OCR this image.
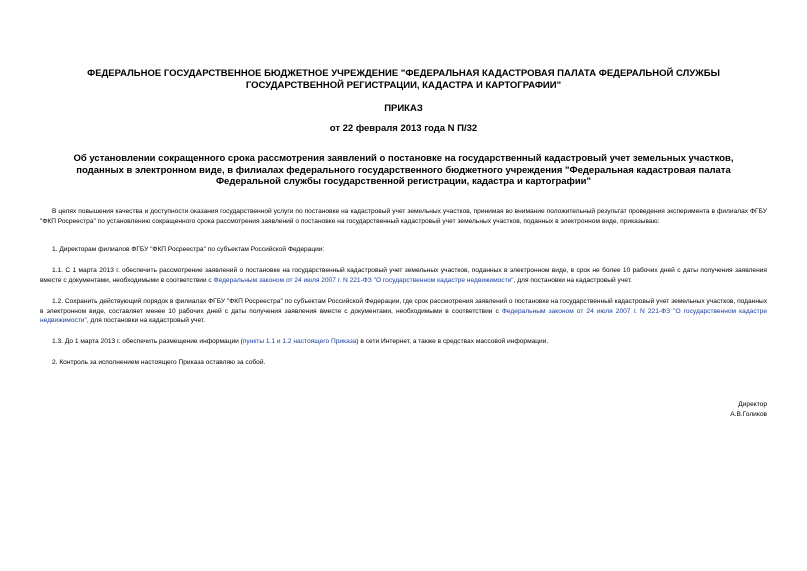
ФЕДЕРАЛЬНОЕ ГОСУДАРСТВЕННОЕ БЮДЖЕТНОЕ УЧРЕЖДЕНИЕ "ФЕДЕРАЛЬНАЯ КАДАСТРОВАЯ ПАЛАТА ФЕДЕРАЛЬНОЙ СЛУЖБЫ ГОСУДАРСТВЕННОЙ РЕГИСТРАЦИИ, КАДАСТРА И КАРТОГРАФИИ"
ПРИКАЗ
от 22 февраля 2013 года N П/32
Об установлении сокращенного срока рассмотрения заявлений о постановке на государственный кадастровый учет земельных участков, поданных в электронном виде, в филиалах федерального государственного бюджетного учреждения "Федеральная кадастровая палата Федеральной службы государственной регистрации, кадастра и картографии"

В целях повышения качества и доступности оказания государственной услуги по постановке на кадастровый учет земельных участков, принимая во внимание положительный результат проведения эксперимента в филиалах ФГБУ "ФКП Росреестра" по установлению сокращенного срока рассмотрения заявлений о постановке на государственный кадастровый учет земельных участков, поданных в электронном виде, приказываю:

1. Директорам филиалов ФГБУ "ФКП Росреестра" по субъектам Российской Федерации:

1.1. С 1 марта 2013 г. обеспечить рассмотрение заявлений о постановке на государственный кадастровый учет земельных участков, поданных в электронном виде, в срок не более 10 рабочих дней с даты получения заявления вместе с документами, необходимыми в соответствии с Федеральным законом от 24 июля 2007 г. N 221-ФЗ "О государственном кадастре недвижимости", для постановки на кадастровый учет.

1.2. Сохранить действующий порядок в филиалах ФГБУ "ФКП Росреестра" по субъектам Российской Федерации, где срок рассмотрения заявлений о постановке на государственный кадастровый учет земельных участков, поданных в электронном виде, составляет менее 10 рабочих дней с даты получения заявления вместе с документами, необходимыми в соответствии с Федеральным законом от 24 июля 2007 г. N 221-ФЗ "О государственном кадастре недвижимости", для постановки на кадастровый учет.

1.3. До 1 марта 2013 г. обеспечить размещение информации (пункты 1.1 и 1.2 настоящего Приказа) в сети Интернет, а также в средствах массовой информации.

2. Контроль за исполнением настоящего Приказа оставляю за собой.

Директор
А.В.Голиков
